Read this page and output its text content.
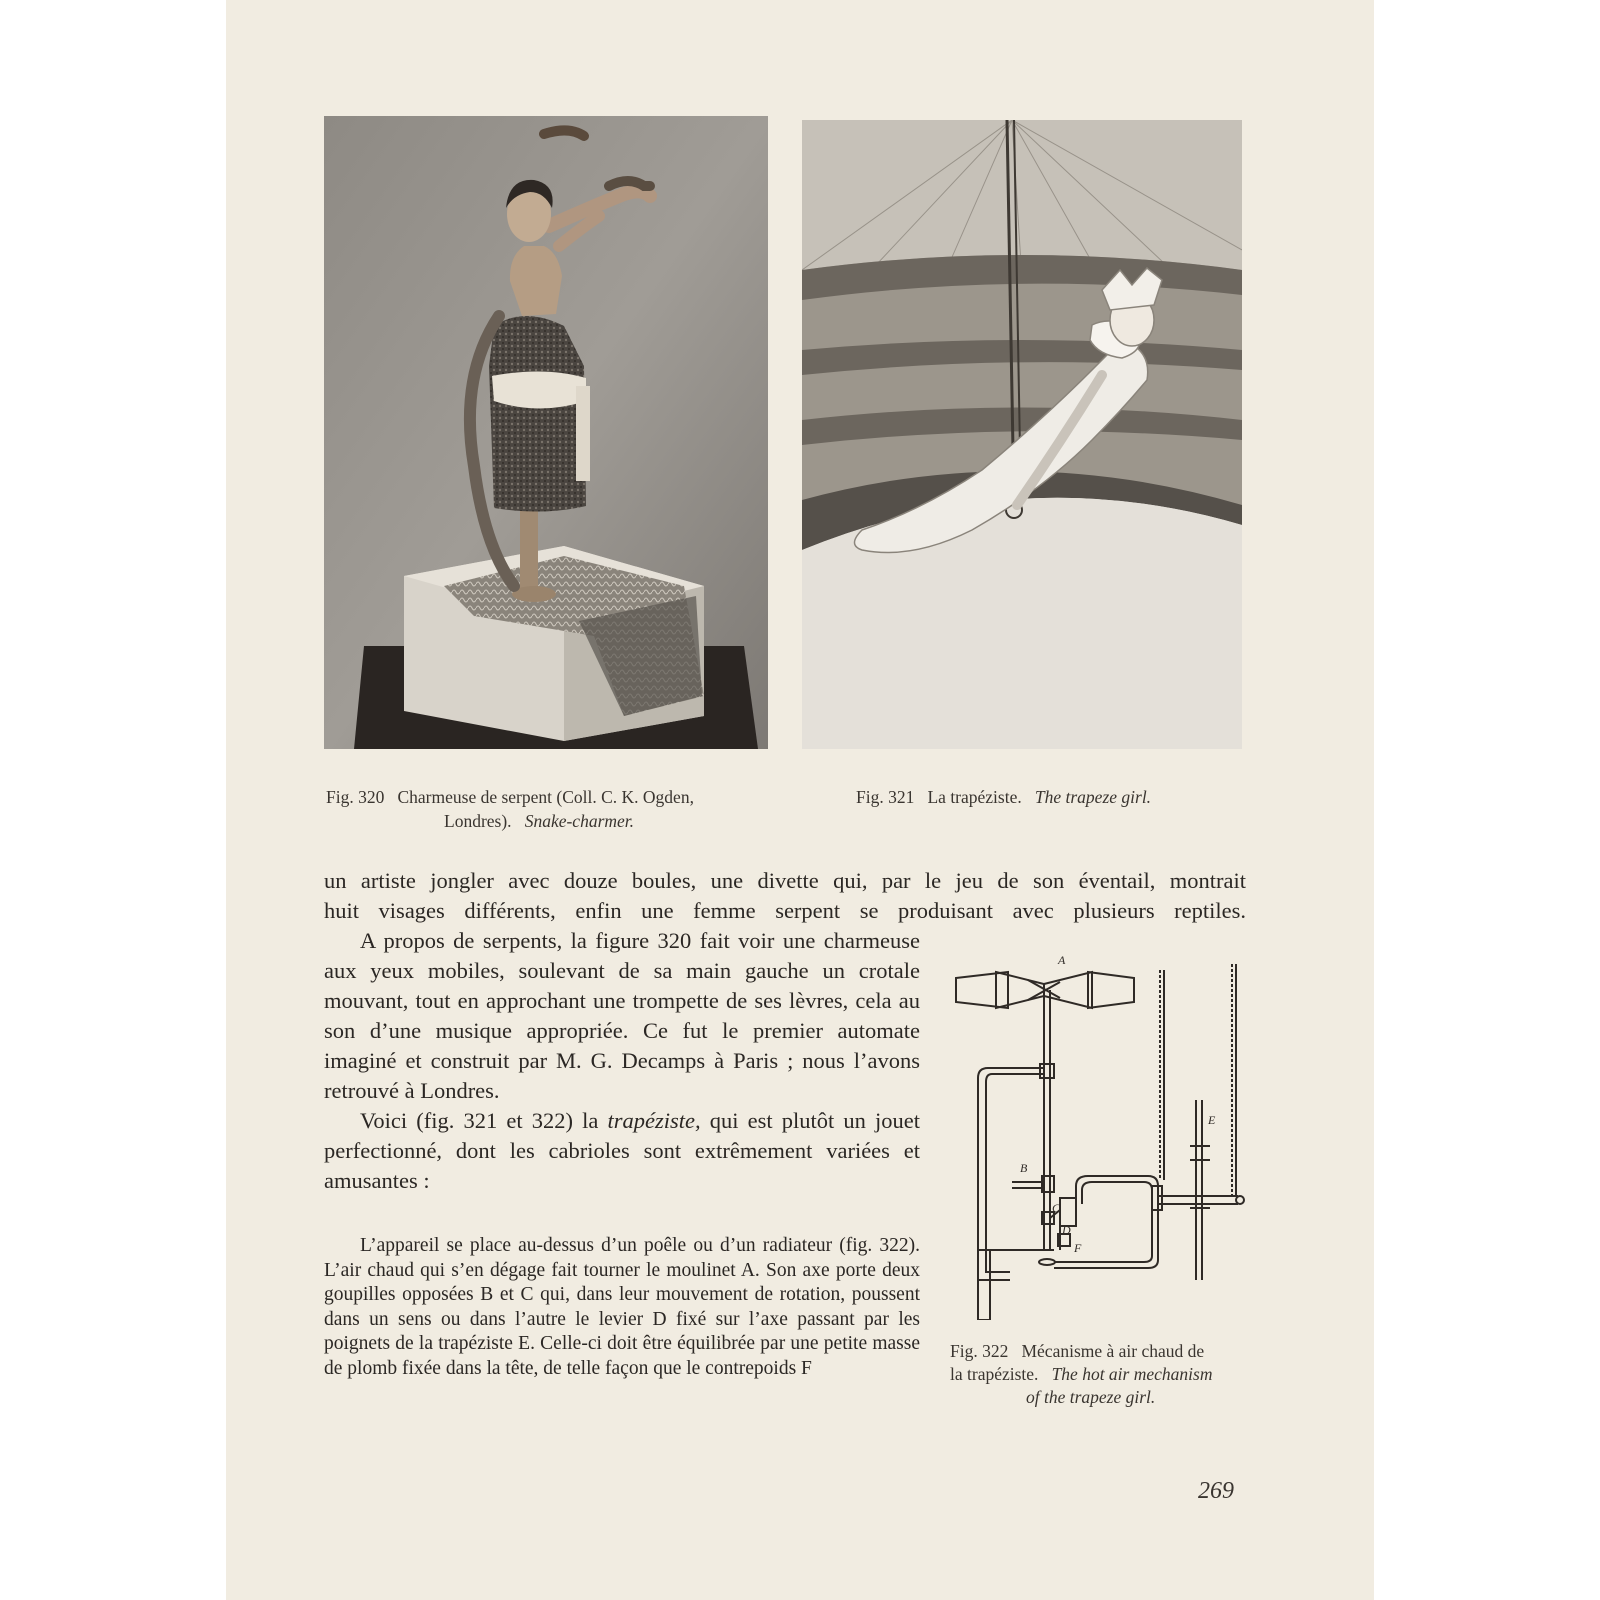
Fig. 320 Charmeuse de serpent (Coll. C. K. Ogden,
Londres). Snake-charmer.
Fig. 321 La trapéziste. The trapeze girl.

un artiste jongler avec douze boules, une divette qui, par le jeu de son éventail, montrait

huit visages différents, enfin une femme serpent se produisant avec plusieurs reptiles.

A propos de serpents, la figure 320 fait voir une charmeuse aux yeux mobiles, soulevant de sa main gauche un crotale mouvant, tout en approchant une trompette de ses lèvres, cela au son d’une musique appropriée. Ce fut le premier automate imaginé et construit par M. G. Decamps à Paris ; nous l’avons retrouvé à Londres.

Voici (fig. 321 et 322) la trapéziste, qui est plutôt un jouet perfectionné, dont les cabrioles sont extrêmement variées et amusantes :

L’appareil se place au-dessus d’un poêle ou d’un radiateur (fig. 322). L’air chaud qui s’en dégage fait tourner le moulinet A. Son axe porte deux goupilles opposées B et C qui, dans leur mouvement de rotation, poussent dans un sens ou dans l’autre le levier D fixé sur l’axe passant par les poignets de la trapéziste E. Celle-ci doit être équilibrée par une petite masse de plomb fixée dans la tête, de telle façon que le contrepoids F

A
B
C
D
E
F
Fig. 322 Mécanisme à air chaud de
la trapéziste. The hot air mechanism
of the trapeze girl.
269
